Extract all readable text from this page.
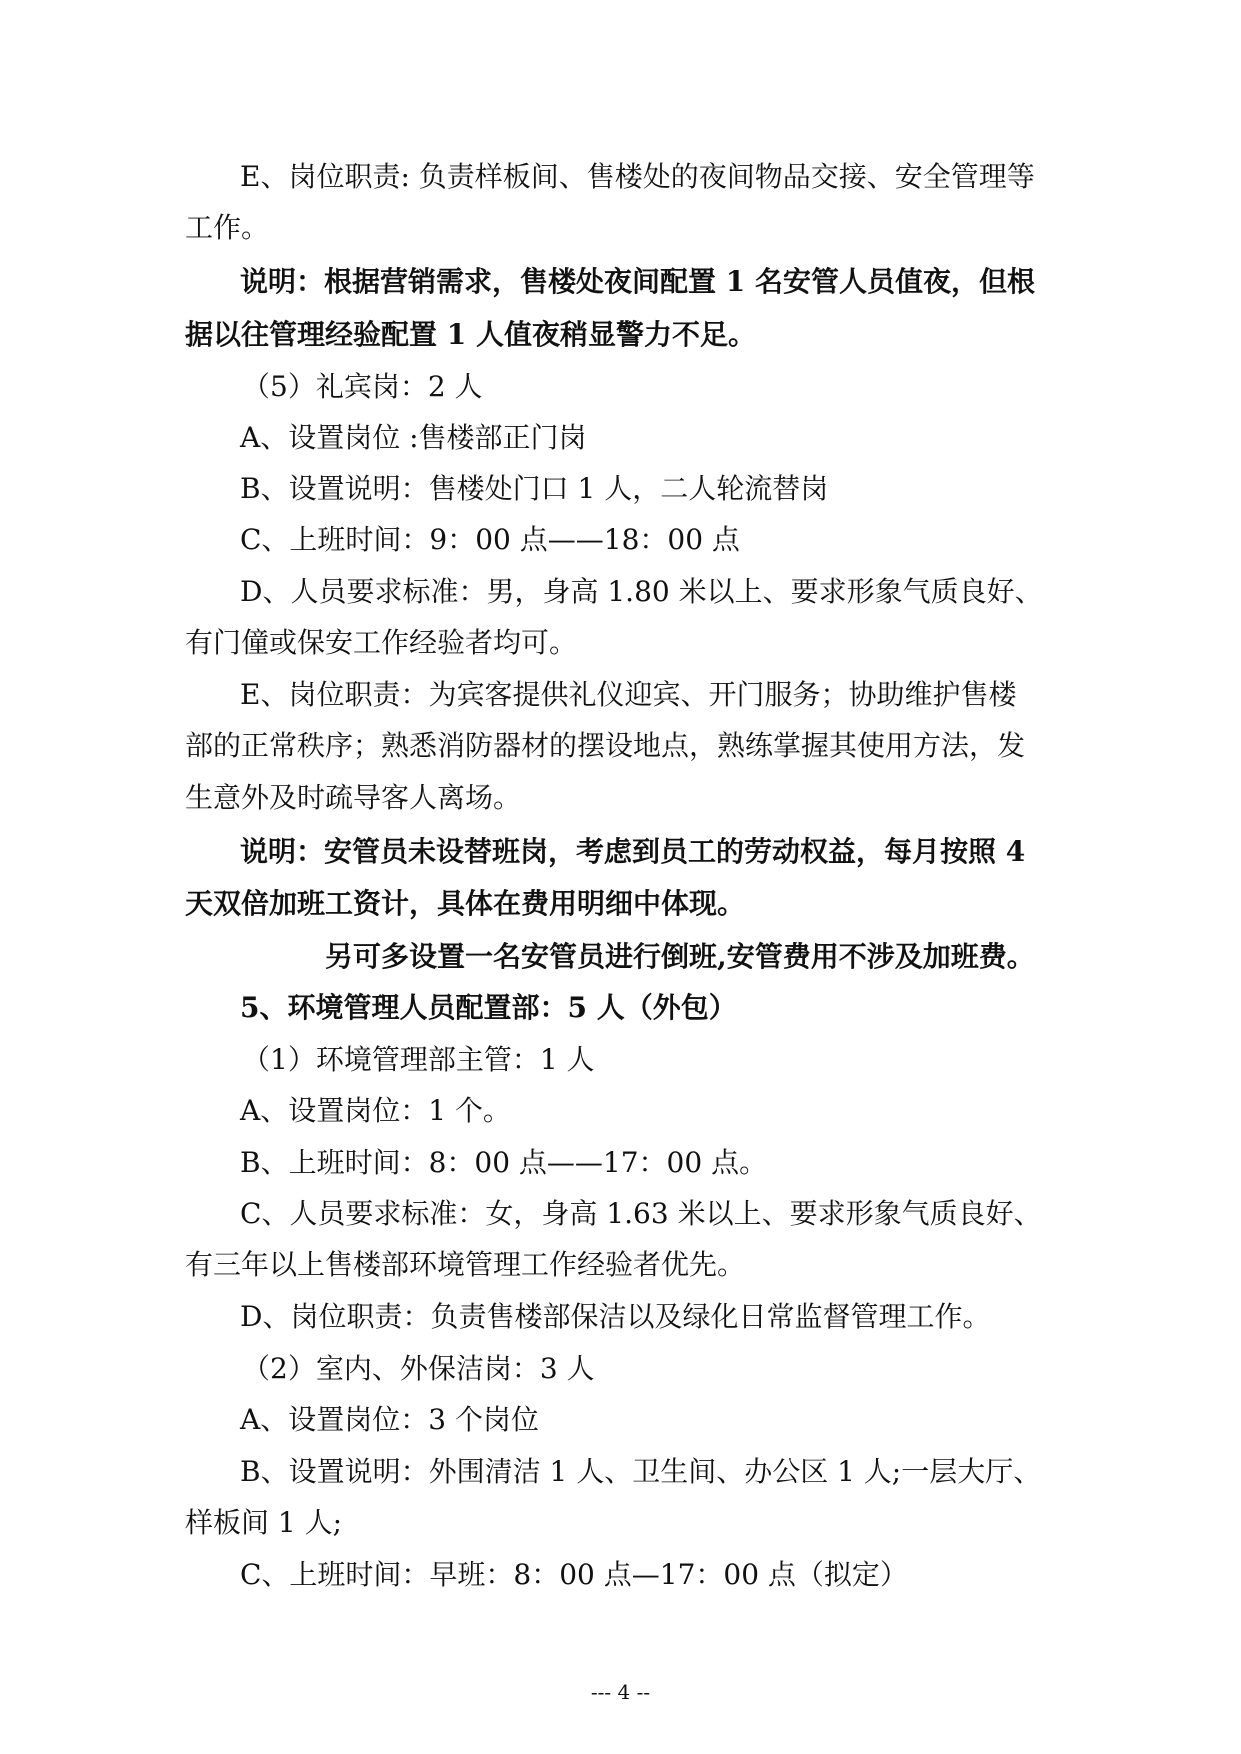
E、岗位职责: 负责样板间、售楼处的夜间物品交接、安全管理等
工作。
说明：根据营销需求，售楼处夜间配置 1 名安管人员值夜，但根
据以往管理经验配置 1 人值夜稍显警力不足。
（5）礼宾岗：2 人
A、设置岗位 :售楼部正门岗
B、设置说明：售楼处门口 1 人，二人轮流替岗
C、上班时间：9：00 点——18：00 点
D、人员要求标准：男，身高 1.80 米以上、要求形象气质良好、
有门僮或保安工作经验者均可。
E、岗位职责：为宾客提供礼仪迎宾、开门服务；协助维护售楼
部的正常秩序；熟悉消防器材的摆设地点，熟练掌握其使用方法，发
生意外及时疏导客人离场。
说明：安管员未设替班岗，考虑到员工的劳动权益，每月按照 4
天双倍加班工资计，具体在费用明细中体现。
另可多设置一名安管员进行倒班,安管费用不涉及加班费。
5、环境管理人员配置部：5 人（外包）
（1）环境管理部主管：1 人
A、设置岗位：1 个。
B、上班时间：8：00 点——17：00 点。
C、人员要求标准：女，身高 1.63 米以上、要求形象气质良好、
有三年以上售楼部环境管理工作经验者优先。
D、岗位职责：负责售楼部保洁以及绿化日常监督管理工作。
（2）室内、外保洁岗：3 人
A、设置岗位：3 个岗位
B、设置说明：外围清洁 1 人、卫生间、办公区 1 人;一层大厅、
样板间 1 人;
C、上班时间：早班：8：00 点—17：00 点（拟定）
--- 4 --
